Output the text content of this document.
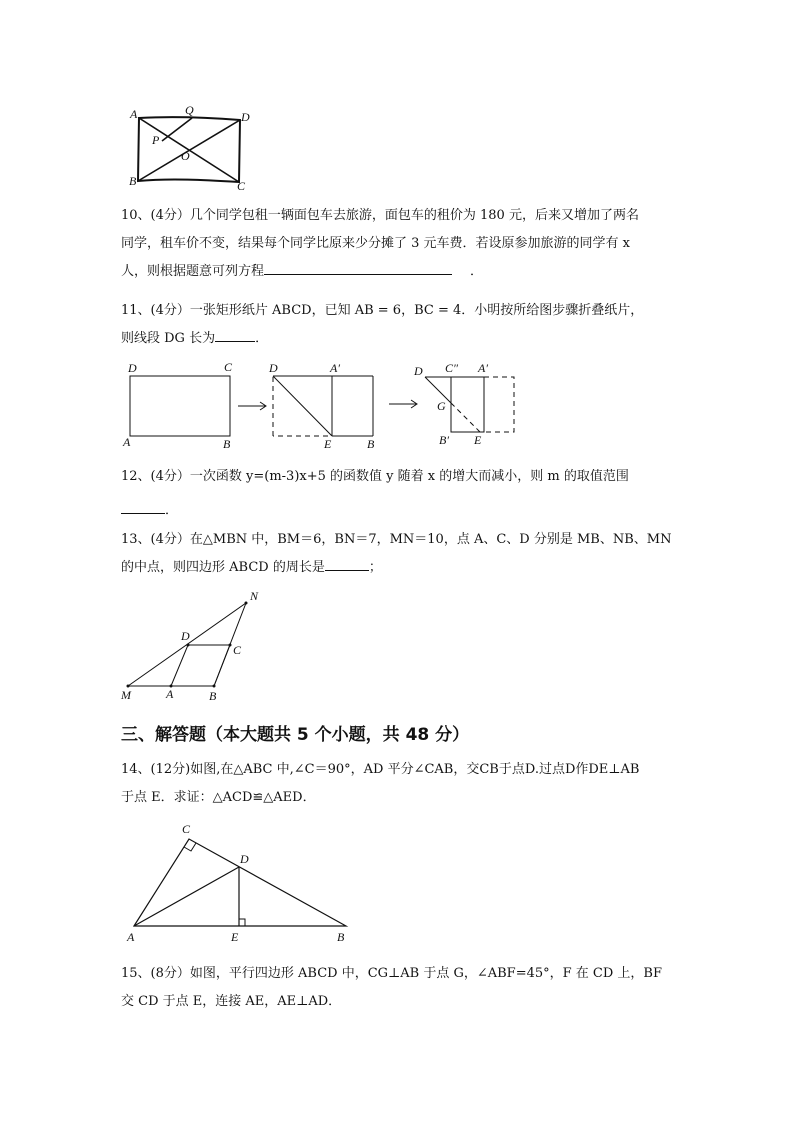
A	Q	D
P
O
B	C
10、(4分）几个同学包租一辆面包车去旅游，面包车的租价为 180 元，后来又增加了两名
同学，租车价不变，结果每个同学比原来少分摊了 3 元车费．若设原参加旅游的同学有 x
人，则根据题意可列方程	．
11、(4分）一张矩形纸片 ABCD，已知 AB = 6，BC = 4．小明按所给图步骤折叠纸片，
则线段 DG 长为	．
D	C
A	B
D	A′
E	B
D C″ A′
G
B′ E
12、(4分）一次函数 y=(m-3)x+5 的函数值 y 随着 x 的增大而减小，则 m 的取值范围
．
13、(4分）在△MBN 中，BM＝6，BN＝7，MN＝10，点 A、C、D 分别是 MB、NB、MN
的中点，则四边形 ABCD 的周长是	；
N
D
C
M	A	B
三、解答题（本大题共 5 个小题，共 48 分）
14、(12分)如图,在△ABC 中,∠C＝90°，AD 平分∠CAB，交CB于点D.过点D作DE⊥AB
于点 E．求证：△ACD≌△AED．
C
D
A	E	B
15、(8分）如图，平行四边形 ABCD 中，CG⊥AB 于点 G，∠ABF=45°，F 在 CD 上，BF
交 CD 于点 E，连接 AE，AE⊥AD．
